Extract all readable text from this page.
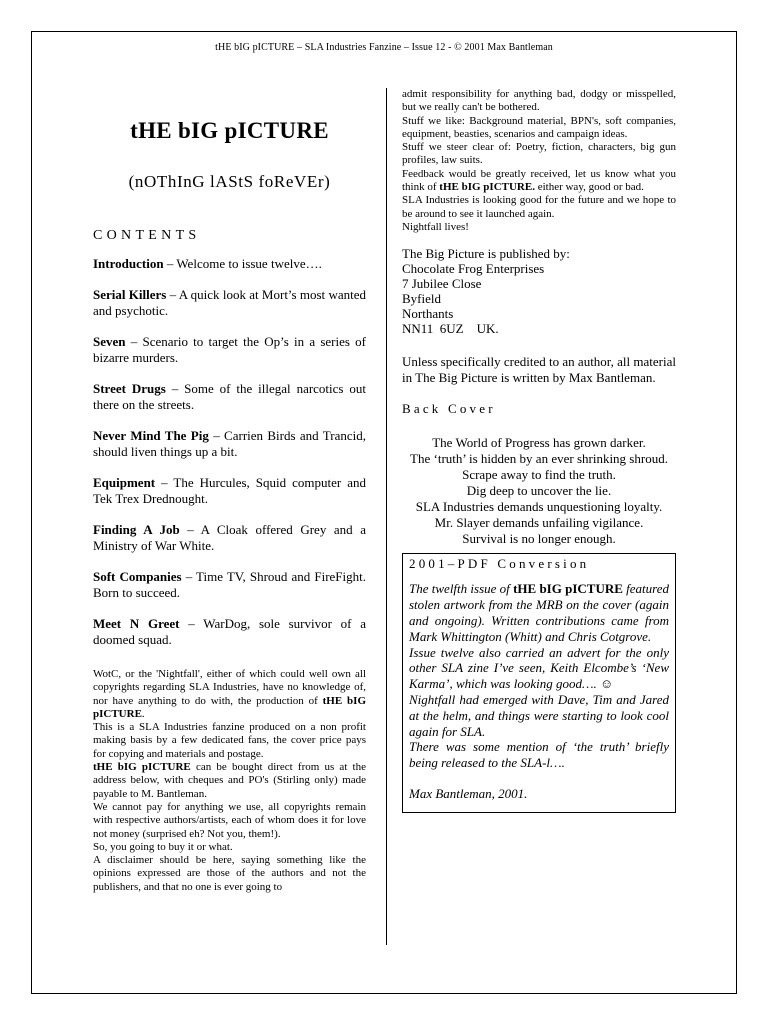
tHE bIG pICTURE – SLA Industries Fanzine – Issue 12 - © 2001 Max Bantleman
tHE bIG pICTURE
(nOThInG lAStS foReVEr)
CONTENTS
Introduction – Welcome to issue twelve….
Serial Killers – A quick look at Mort’s most wanted and psychotic.
Seven – Scenario to target the Op’s in a series of bizarre murders.
Street Drugs – Some of the illegal narcotics out there on the streets.
Never Mind The Pig – Carrien Birds and Trancid, should liven things up a bit.
Equipment – The Hurcules, Squid computer and Tek Trex Drednought.
Finding A Job – A Cloak offered Grey and a Ministry of War White.
Soft Companies – Time TV, Shroud and FireFight. Born to succeed.
Meet N Greet – WarDog, sole survivor of a doomed squad.

WotC, or the 'Nightfall', either of which could well own all copyrights regarding SLA Industries, have no knowledge of, nor have anything to do with, the production of tHE bIG pICTURE.

This is a SLA Industries fanzine produced on a non profit making basis by a few dedicated fans, the cover price pays for copying and materials and postage.

tHE bIG pICTURE can be bought direct from us at the address below, with cheques and PO's (Stirling only) made payable to M. Bantleman.

We cannot pay for anything we use, all copyrights remain with respective authors/artists, each of whom does it for love not money (surprised eh? Not you, them!).

So, you going to buy it or what.

A disclaimer should be here, saying something like the opinions expressed are those of the authors and not the publishers, and that no one is ever going to

admit responsibility for anything bad, dodgy or misspelled, but we really can't be bothered.

Stuff we like: Background material, BPN's, soft companies, equipment, beasties, scenarios and campaign ideas.

Stuff we steer clear of: Poetry, fiction, characters, big gun profiles, law suits.

Feedback would be greatly received, let us know what you think of tHE bIG pICTURE. either way, good or bad.

SLA Industries is looking good for the future and we hope to be around to see it launched again.

Nightfall lives!

The Big Picture is published by:
Chocolate Frog Enterprises
7 Jubilee Close
Byfield
Northants
NN11  6UZ    UK.
Unless specifically credited to an author, all material in The Big Picture is written by Max Bantleman.
Back Cover
The World of Progress has grown darker.
The ‘truth’ is hidden by an ever shrinking shroud.
Scrape away to find the truth.
Dig deep to uncover the lie.
SLA Industries demands unquestioning loyalty.
Mr. Slayer demands unfailing vigilance.
Survival is no longer enough.
2001–PDF Conversion

The twelfth issue of tHE bIG pICTURE featured stolen artwork from the MRB on the cover (again and ongoing). Written contributions came from Mark Whittington (Whitt) and Chris Cotgrove.

Issue twelve also carried an advert for the only other SLA zine I’ve seen, Keith Elcombe’s ‘New Karma’, which was looking good…. ☺

Nightfall had emerged with Dave, Tim and Jared at the helm, and things were starting to look cool again for SLA.

There was some mention of ‘the truth’ briefly being released to the SLA-l….

Max Bantleman, 2001.
